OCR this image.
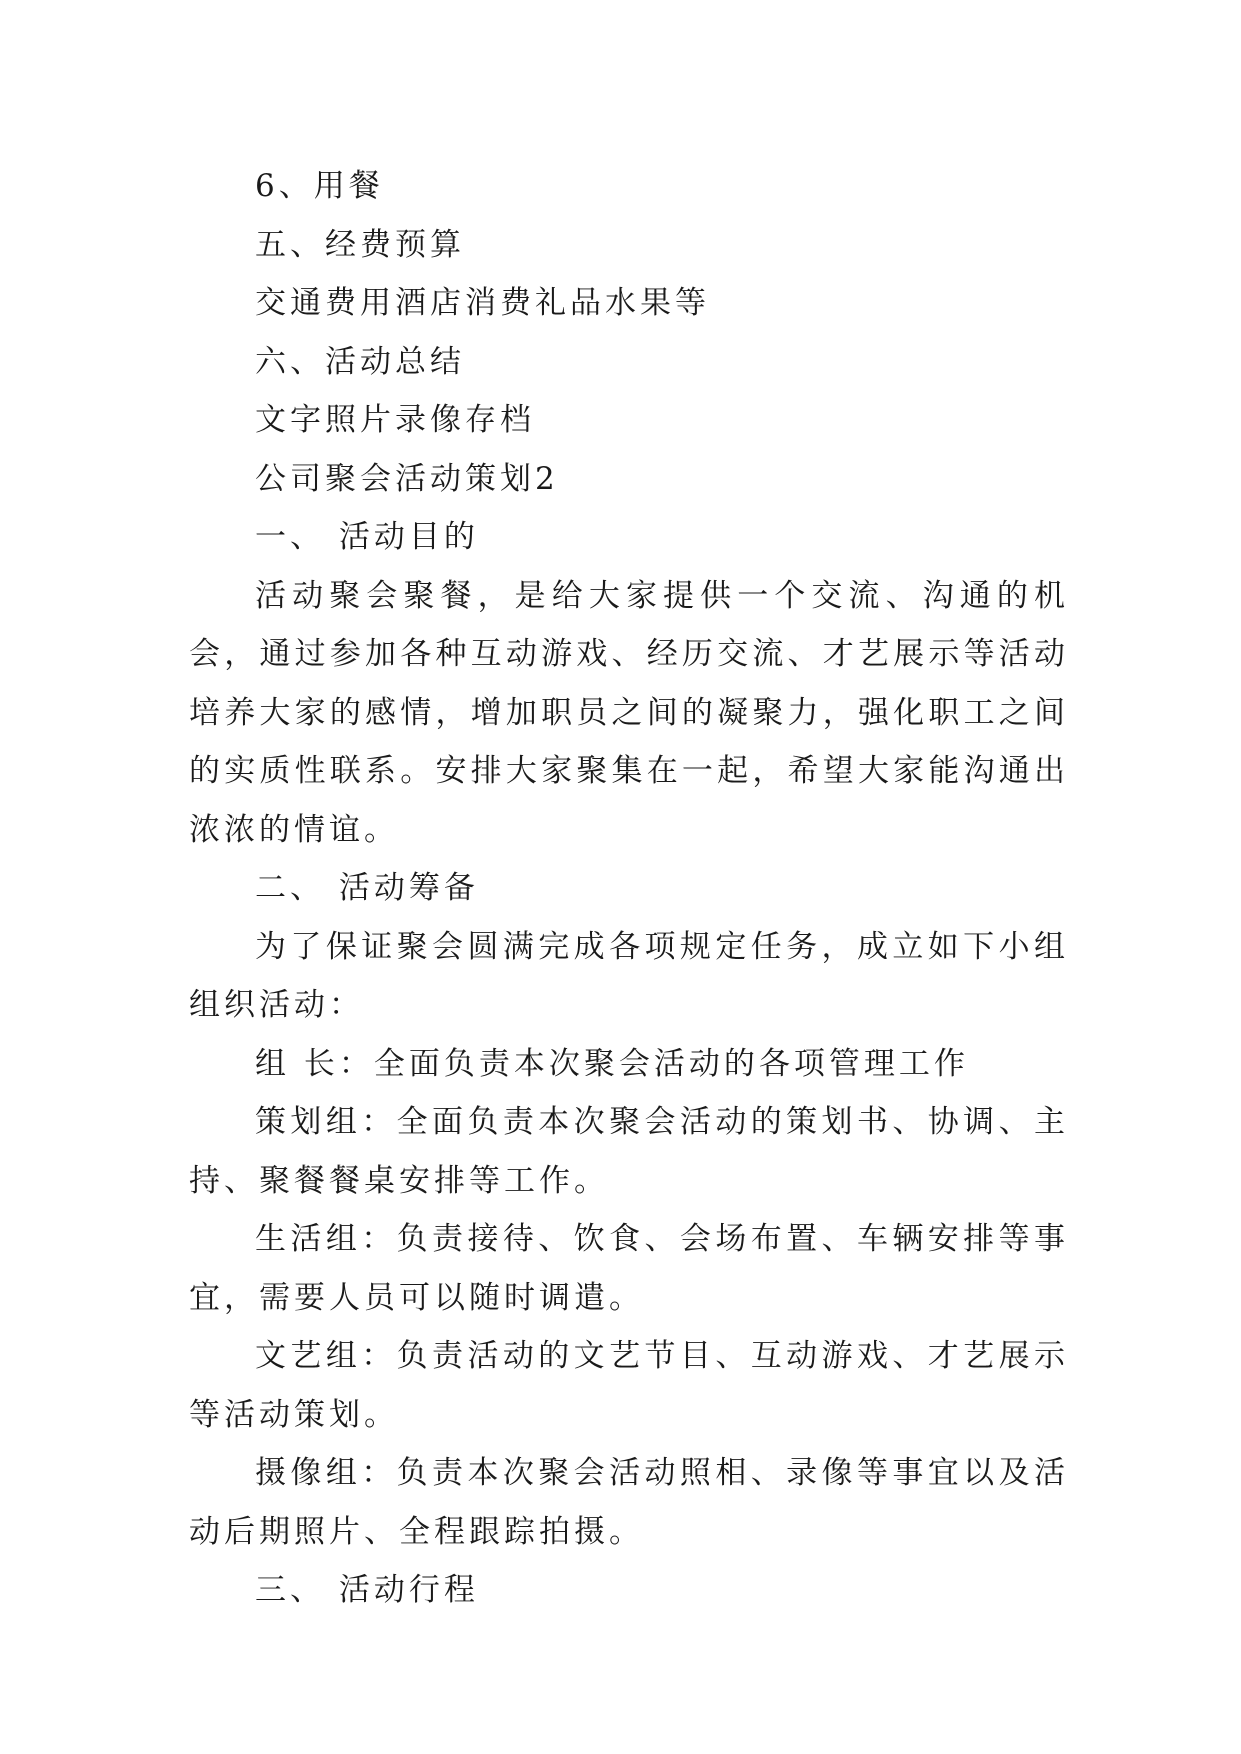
6、用餐

五、经费预算

交通费用酒店消费礼品水果等

六、活动总结

文字照片录像存档

公司聚会活动策划2

一、 活动目的

活动聚会聚餐，是给大家提供一个交流、沟通的机会，通过参加各种互动游戏、经历交流、才艺展示等活动培养大家的感情，增加职员之间的凝聚力，强化职工之间的实质性联系。安排大家聚集在一起，希望大家能沟通出浓浓的情谊。

二、 活动筹备

为了保证聚会圆满完成各项规定任务，成立如下小组组织活动：

组 长：全面负责本次聚会活动的各项管理工作

策划组：全面负责本次聚会活动的策划书、协调、主持、聚餐餐桌安排等工作。

生活组：负责接待、饮食、会场布置、车辆安排等事宜，需要人员可以随时调遣。

文艺组：负责活动的文艺节目、互动游戏、才艺展示等活动策划。

摄像组：负责本次聚会活动照相、录像等事宜以及活动后期照片、全程跟踪拍摄。

三、 活动行程
